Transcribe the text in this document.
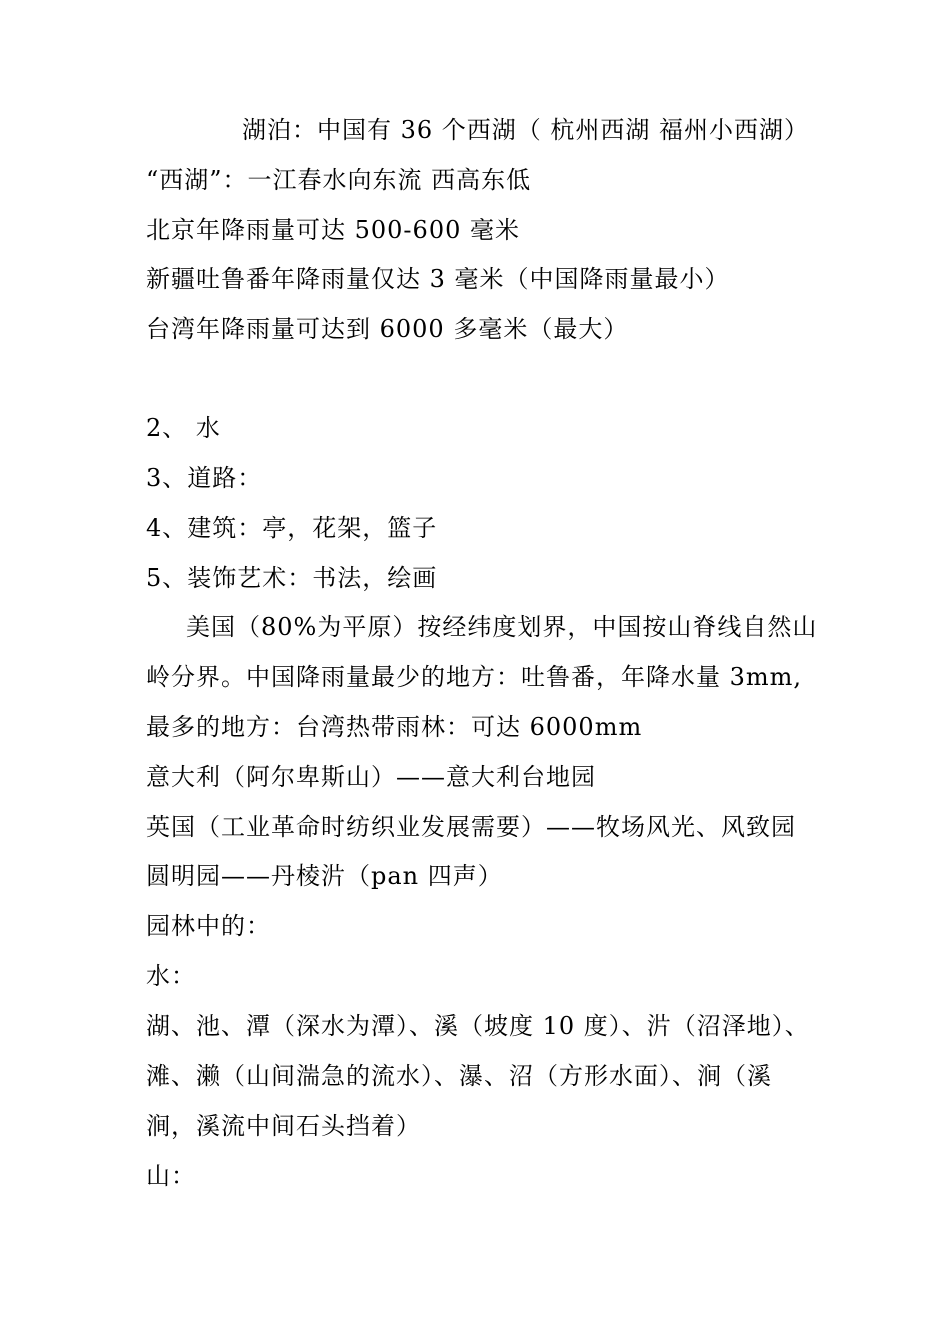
湖泊：中国有 36 个西湖（ 杭州西湖 福州小西湖）
“西湖”：一江春水向东流 西高东低
北京年降雨量可达 500-600 毫米
新疆吐鲁番年降雨量仅达 3 毫米（中国降雨量最小）
台湾年降雨量可达到 6000 多毫米（最大）
2、 水
3、道路：
4、建筑：亭，花架，篮子
5、装饰艺术：书法，绘画
美国（80%为平原）按经纬度划界，中国按山脊线自然山
岭分界。中国降雨量最少的地方：吐鲁番，年降水量 3mm,
最多的地方：台湾热带雨林：可达 6000mm
意大利（阿尔卑斯山）——意大利台地园
英国（工业革命时纺织业发展需要）——牧场风光、风致园
圆明园——丹棱沜（pan 四声）
园林中的：
水：
湖、池、潭（深水为潭）、溪（坡度 10 度）、沜（沼泽地）、
滩、濑（山间湍急的流水）、瀑、沼（方形水面）、涧（溪
涧，溪流中间石头挡着）
山：
